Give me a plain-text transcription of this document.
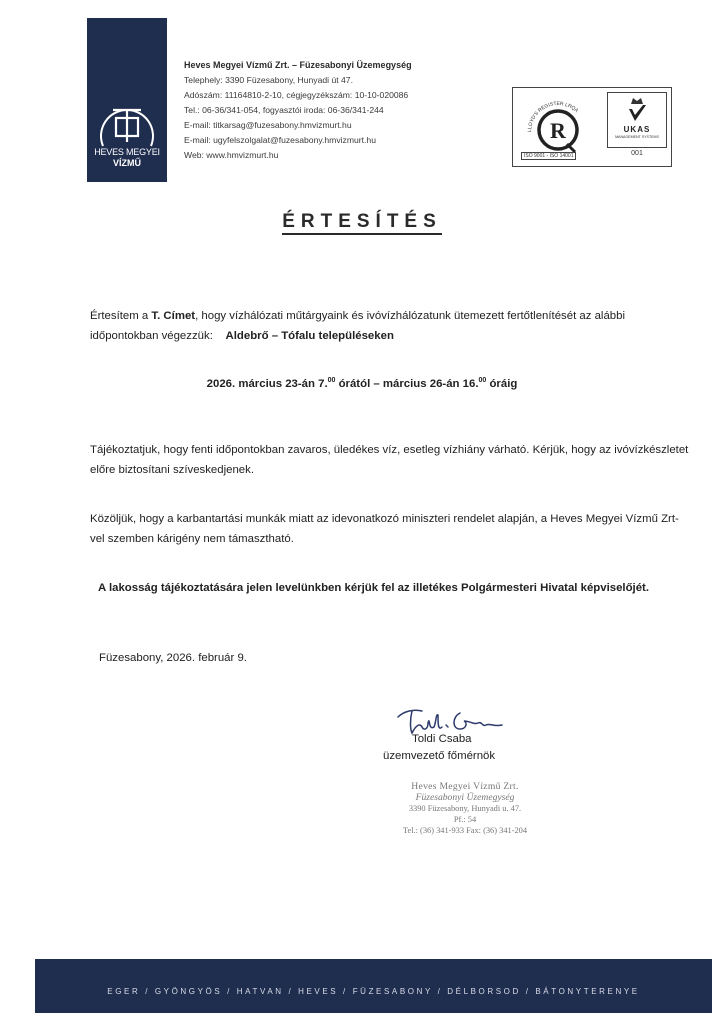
HEVES MEGYEI
VÍZMŰ
Heves Megyei Vízmű Zrt. – Füzesabonyi Üzemegység
Telephely: 3390 Füzesabony, Hunyadi út 47.
Adószám: 11164810-2-10, cégjegyzékszám: 10-10-020086
Tel.: 06-36/341-054, fogyasztói iroda: 06-36/341-244
E-mail: titkarsag@fuzesabony.hmvizmurt.hu
E-mail: ugyfelszolgalat@fuzesabony.hmvizmurt.hu
Web: www.hmvizmurt.hu
LLOYD'S REGISTER LRQA
R
ISO 9001 - ISO 14001
UKAS
MANAGEMENT SYSTEMS
001
ÉRTESÍTÉS
Értesítem a T. Címet, hogy vízhálózati műtárgyaink és ivóvízhálózatunk ütemezett fertőtlenítését az alábbi
időpontokban végezzük: Aldebrő – Tófalu településeken
2026. március 23-án 7.00 órától – március 26-án 16.00 óráig
Tájékoztatjuk, hogy fenti időpontokban zavaros, üledékes víz, esetleg vízhiány várható. Kérjük, hogy az ivóvízkészletet előre biztosítani szíveskedjenek.
Közöljük, hogy a karbantartási munkák miatt az idevonatkozó miniszteri rendelet alapján, a Heves Megyei Vízmű Zrt-vel szemben kárigény nem támasztható.
A lakosság tájékoztatására jelen levelünkben kérjük fel az illetékes Polgármesteri Hivatal képviselőjét.
Füzesabony, 2026. február 9.
Toldi Csaba
üzemvezető főmérnök
Heves Megyei Vízmű Zrt.
Füzesabonyi Üzemegység
3390 Füzesabony, Hunyadi u. 47.
Pf.: 54
Tel.: (36) 341-933 Fax: (36) 341-204
EGER / GYÖNGYÖS / HATVAN / HEVES / FÜZESABONY / DÉLBORSOD / BÁTONYTERENYE
